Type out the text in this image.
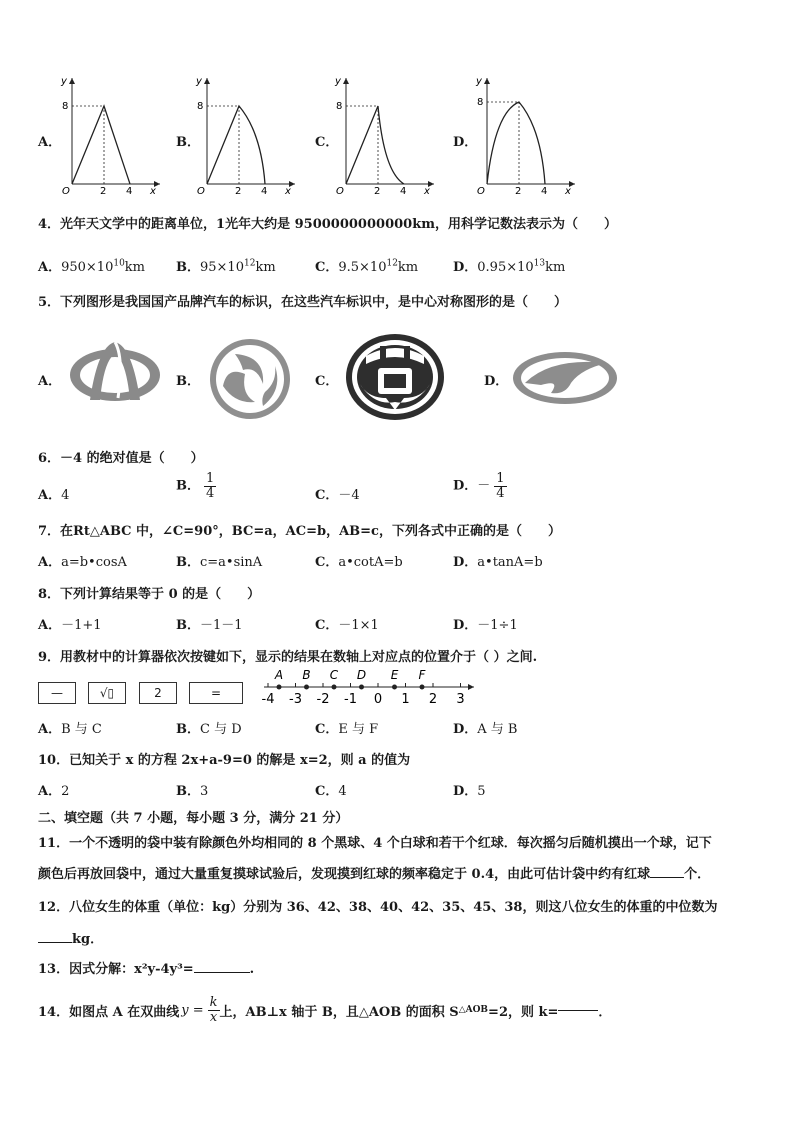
A．	B．	C．	D．
y
8
O	2 4 x
y
8
O	2 4 x
y
8
O	2 4 x
y
8
O	2 4 x
4．光年天文学中的距离单位，1光年大约是 9500000000000km，用科学记数法表示为（　　）
A．$950\times 10^{10}km$ B．$95\times 10^{12}km$	C．$9.5\times 10^{12}km$	D．$0.95\times 10^{13}km$
5．下列图形是我国国产品牌汽车的标识，在这些汽车标识中，是中心对称图形的是（　　）
A．	B．	C．	D．
6．－4 的绝对值是（　　）
A．4
B． $\frac{1}{4}$	C．－4
D．－ $\frac{1}{4}$
7．在Rt△ABC 中，∠C=90°，BC=a，AC=b，AB=c，下列各式中正确的是（　　）
A．a=b•cosA	B．c=a•sinA	C．a•cotA=b	D．a•tanA=b
8．下列计算结果等于 0 的是（　　）
A．－1+1	B．－1－1	C．－1×1	D．－1÷1
9．用教材中的计算器依次按键如下，显示的结果在数轴上对应点的位置介于（ ）之间.
—	√▯	2	=	-4 -3 -2 -1 0 1 2 3
A B C D E F
A．B 与 C	B．C 与 D	C．E 与 F	D．A 与 B
10．已知关于 x 的方程 2x+a-9=0 的解是 x=2，则 a 的值为
A．2	B．3	C．4	D．5
二、填空题（共 7 小题，每小题 3 分，满分 21 分）
11．一个不透明的袋中装有除颜色外均相同的 8 个黑球、4 个白球和若干个红球．每次摇匀后随机摸出一个球，记下
颜色后再放回袋中，通过大量重复摸球试验后，发现摸到红球的频率稳定于 0.4，由此可估计袋中约有红球	个．
12．八位女生的体重（单位：kg）分别为 36、42、38、40、42、35、45、38，则这八位女生的体重的中位数为
kg．
13．因式分解：x²y-4y³=	.
14．如图点 A 在双曲线 $y = \frac{k}{x}$ 上，AB⊥x 轴于 B，且△AOB 的面积 S △AOB =2，则 k=	．
